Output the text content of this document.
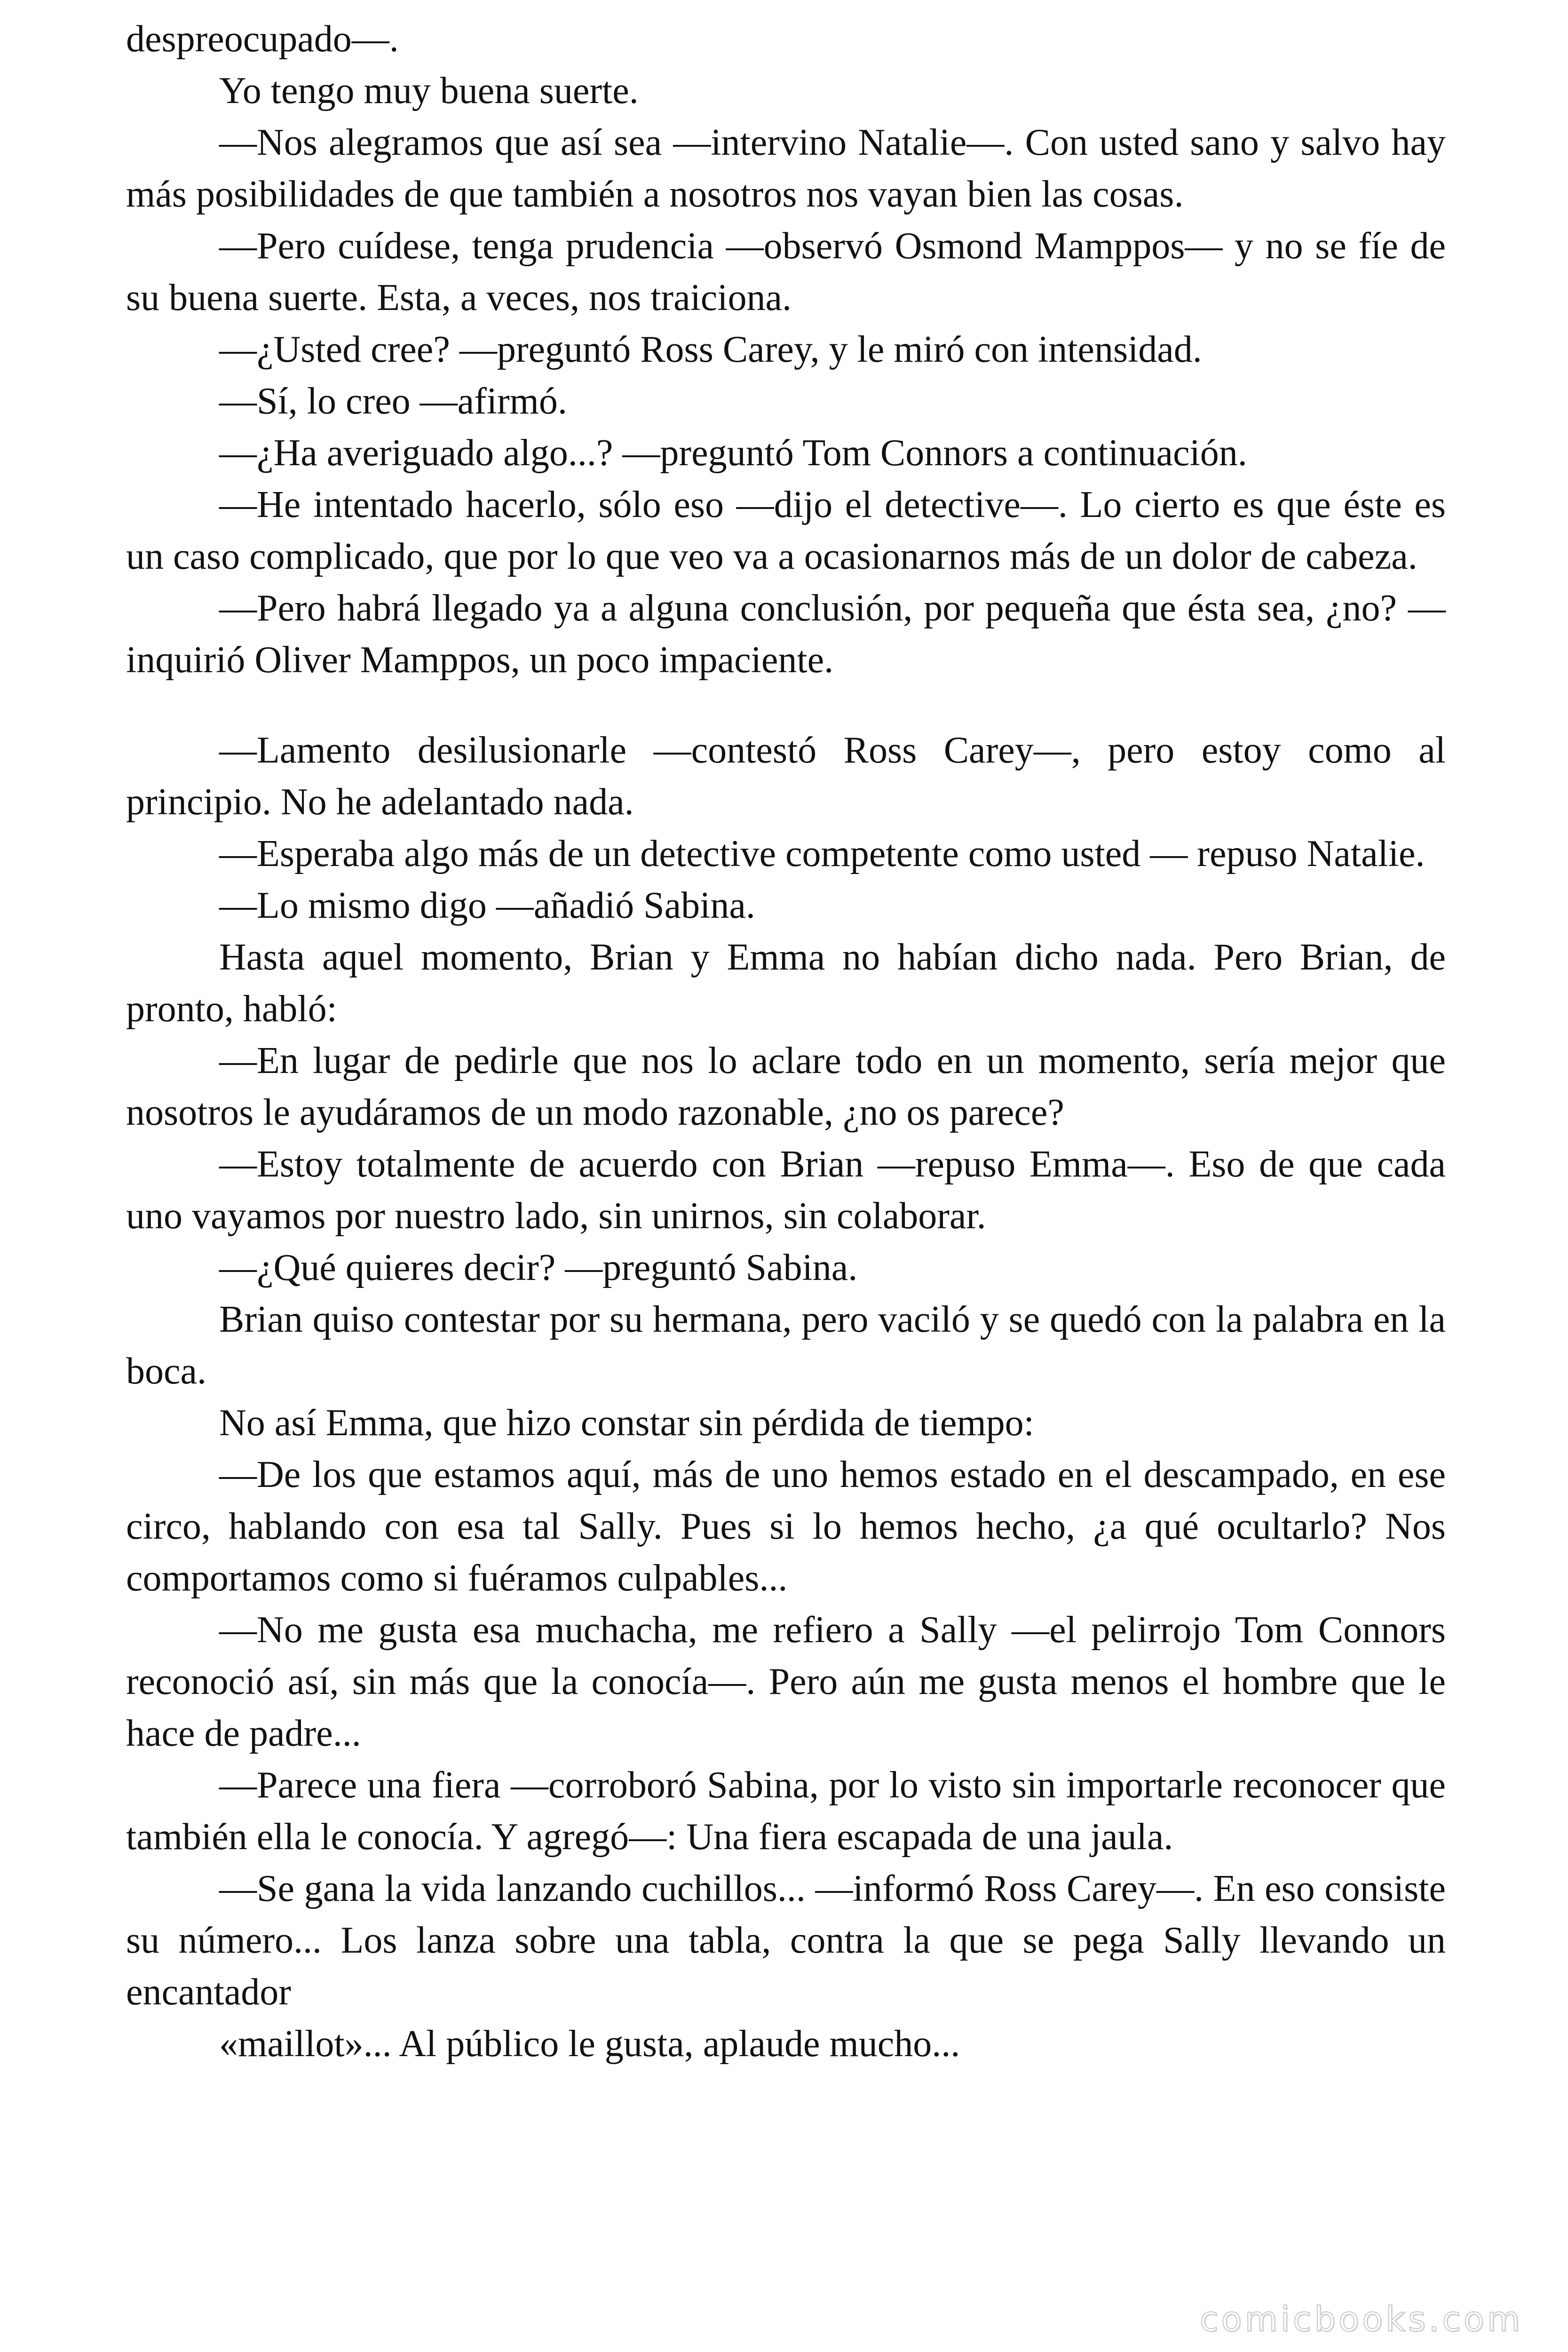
despreocupado—.

Yo tengo muy buena suerte.

—Nos alegramos que así sea —intervino Natalie—. Con usted sano y salvo hay más posibilidades de que también a nosotros nos vayan bien las cosas.

—Pero cuídese, tenga prudencia —observó Osmond Mamppos— y no se fíe de su buena suerte. Esta, a veces, nos traiciona.

—¿Usted cree? —preguntó Ross Carey, y le miró con intensidad.

—Sí, lo creo —afirmó.

—¿Ha averiguado algo...? —preguntó Tom Connors a continuación.

—He intentado hacerlo, sólo eso —dijo el detective—. Lo cierto es que éste es un caso complicado, que por lo que veo va a ocasionarnos más de un dolor de cabeza.

—Pero habrá llegado ya a alguna conclusión, por pequeña que ésta sea, ¿no? —inquirió Oliver Mamppos, un poco impaciente.

—Lamento desilusionarle —contestó Ross Carey—, pero estoy como al principio. No he adelantado nada.

—Esperaba algo más de un detective competente como usted — repuso Natalie.

—Lo mismo digo —añadió Sabina.

Hasta aquel momento, Brian y Emma no habían dicho nada. Pero Brian, de pronto, habló:

—En lugar de pedirle que nos lo aclare todo en un momento, sería mejor que nosotros le ayudáramos de un modo razonable, ¿no os parece?

—Estoy totalmente de acuerdo con Brian —repuso Emma—. Eso de que cada uno vayamos por nuestro lado, sin unirnos, sin colaborar.

—¿Qué quieres decir? —preguntó Sabina.

Brian quiso contestar por su hermana, pero vaciló y se quedó con la palabra en la boca.

No así Emma, que hizo constar sin pérdida de tiempo:

—De los que estamos aquí, más de uno hemos estado en el descampado, en ese circo, hablando con esa tal Sally. Pues si lo hemos hecho, ¿a qué ocultarlo? Nos comportamos como si fuéramos culpables...

—No me gusta esa muchacha, me refiero a Sally —el pelirrojo Tom Connors reconoció así, sin más que la conocía—. Pero aún me gusta menos el hombre que le hace de padre...

—Parece una fiera —corroboró Sabina, por lo visto sin importarle reconocer que también ella le conocía. Y agregó—: Una fiera escapada de una jaula.

—Se gana la vida lanzando cuchillos... —informó Ross Carey—. En eso consiste su número... Los lanza sobre una tabla, contra la que se pega Sally llevando un encantador

«maillot»... Al público le gusta, aplaude mucho...

comicbooks.com
